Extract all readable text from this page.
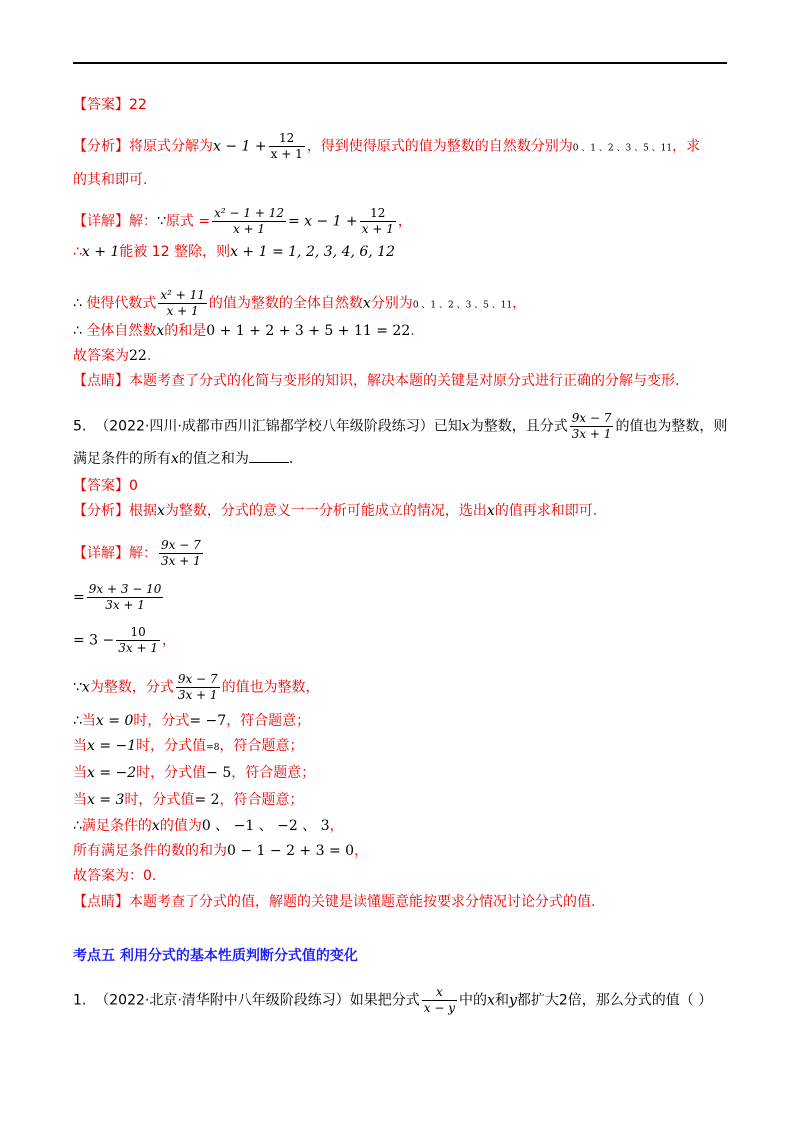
【答案】22
【分析】将原式分解为$x - 1 + \frac{12}{x + 1}$ ，得到使得原式的值为整数的自然数分别为0 、1 、2 、3 、5 、11，求
的其和即可.
【详解】解：∵原式 = $\frac{\text{x² − 1 + 12}}{x + 1} = x - 1 + \frac{12}{x + 1}$ ，
∴x + 1能被 12 整除，则x + 1 = 1, 2, 3, 4, 6, 12
∴ 使得代数式 $\frac{\text{x² + 11}}{x + 1}$ 的值为整数的全体自然数x分别为0 、1 、2 、3 、5 、11，
∴ 全体自然数x的和是0 + 1 + 2 + 3 + 5 + 11 = 22.
故答案为22.
【点睛】本题考查了分式的化简与变形的知识，解决本题的关键是对原分式进行正确的分解与变形.
5. （2022·四川·成都市西川汇锦都学校八年级阶段练习）已知x为整数，且分式 $\frac{9x - 7}{3x + 1}$ 的值也为整数，则
满足条件的所有x的值之和为	.
【答案】0
【分析】根据x为整数，分式的意义一一分析可能成立的情况，选出x的值再求和即可.
【详解】解： $\frac{9x - 7}{3x + 1}$
= $\frac{9x + 3 - 10}{3x + 1}$
= $3 - \frac{10}{3x + 1}$ ，
∵x为整数，分式 $\frac{9x - 7}{3x + 1}$ 的值也为整数，
∴当x = 0时，分式= −7，符合题意；
当x = −1时，分式值=8，符合题意；
当x = −2时，分式值− 5，符合题意；
当x = 3时，分式值= 2，符合题意；
∴满足条件的x的值为0 、 −1 、 −2 、 3，
所有满足条件的数的和为0 − 1 − 2 + 3 = 0，
故答案为：0.
【点睛】本题考查了分式的值，解题的关键是读懂题意能按要求分情况讨论分式的值.
考点五 利用分式的基本性质判断分式值的变化
1. （2022·北京·清华附中八年级阶段练习）如果把分式 $\frac{x}{x - y}$ 中的x和y都扩大2倍，那么分式的值（ ）
